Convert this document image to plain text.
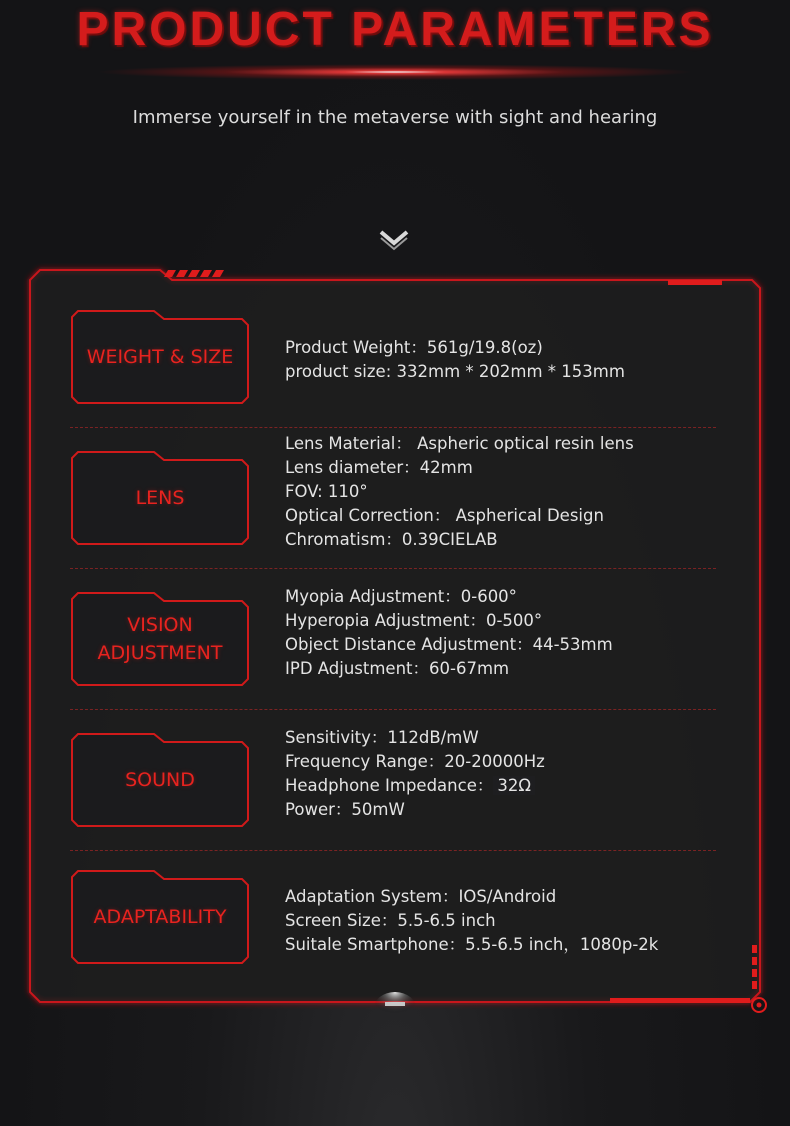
PRODUCT PARAMETERS
Immerse yourself in the metaverse with sight and hearing
WEIGHT & SIZE	Product Weight：561g/19.8(oz)
product size: 332mm * 202mm * 153mm
LENS
Lens Material： Aspheric optical resin lens
Lens diameter：42mm
FOV: 110°
Optical Correction： Aspherical Design
Chromatism：0.39CIELAB
VISION
ADJUSTMENT
Myopia Adjustment：0-600°
Hyperopia Adjustment：0-500°
Object Distance Adjustment：44-53mm
IPD Adjustment：60-67mm
SOUND
Sensitivity：112dB/mW
Frequency Range：20-20000Hz
Headphone Impedance： 32Ω
Power：50mW
ADAPTABILITY
Adaptation System：IOS/Android
Screen Size：5.5-6.5 inch
Suitale Smartphone：5.5-6.5 inch，1080p-2k
